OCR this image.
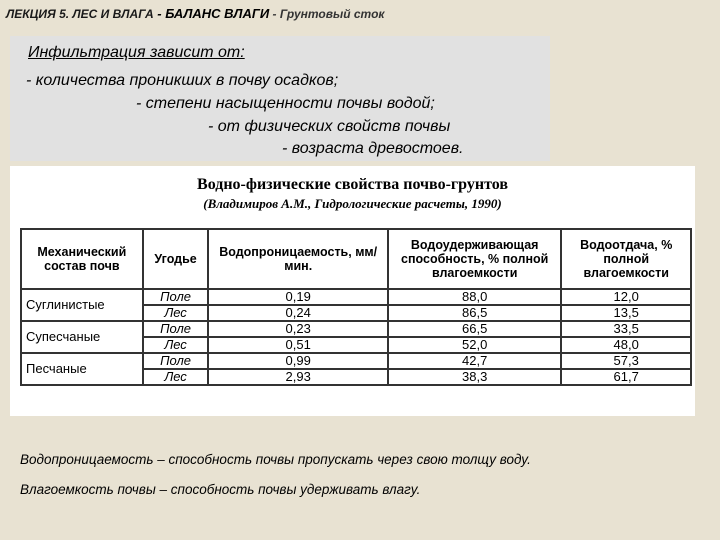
ЛЕКЦИЯ 5. ЛЕС И ВЛАГА - БАЛАНС ВЛАГИ - Грунтовый сток
Инфильтрация зависит от:
- количества проникших в почву осадков;
- степени насыщенности почвы водой;
- от физических свойств почвы
- возраста древостоев.
Водно-физические свойства почво-грунтов
(Владимиров А.М., Гидрологические расчеты, 1990)
Механический состав почв	Угодье	Водопроницаемость, мм/мин.	Водоудерживающая способность, % полной влагоемкости	Водоотдача, % полной влагоемкости
Суглинистые	Поле	0,19	88,0	12,0
	Лес	0,24	86,5	13,5
Супесчаные	Поле	0,23	66,5	33,5
	Лес	0,51	52,0	48,0
Песчаные	Поле	0,99	42,7	57,3
	Лес	2,93	38,3	61,7
Водопроницаемость – способность почвы пропускать через свою толщу воду.
Влагоемкость почвы – способность почвы удерживать влагу.
